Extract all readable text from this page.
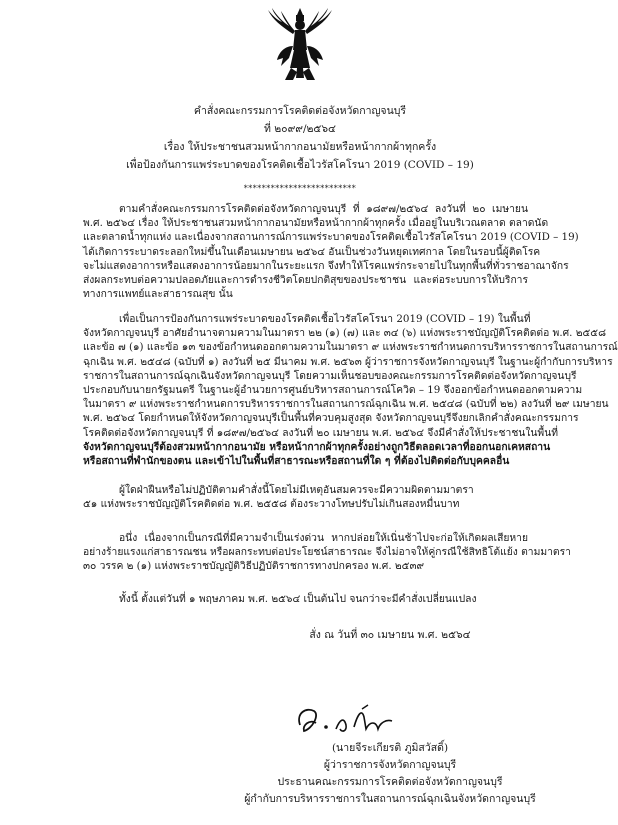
คำสั่งคณะกรรมการโรคติดต่อจังหวัดกาญจนบุรี
ที่ ๒๐๙๙/๒๕๖๔
เรื่อง ให้ประชาชนสวมหน้ากากอนามัยหรือหน้ากากผ้าทุกครั้ง
เพื่อป้องกันการแพร่ระบาดของโรคติดเชื้อไวรัสโคโรนา 2019 (COVID – 19)
*************************
ตามคำสั่งคณะกรรมการโรคติดต่อจังหวัดกาญจนบุรี ที่ ๑๘๙๗/๒๕๖๔ ลงวันที่ ๒๐ เมษายน
พ.ศ. ๒๕๖๔ เรื่อง ให้ประชาชนสวมหน้ากากอนามัยหรือหน้ากากผ้าทุกครั้ง เมื่ออยู่ในบริเวณตลาด ตลาดนัด
และตลาดน้ำทุกแห่ง และเนื่องจากสถานการณ์การแพร่ระบาดของโรคติดเชื้อไวรัสโคโรนา 2019 (COVID – 19)
ได้เกิดการระบาดระลอกใหม่ขึ้นในเดือนเมษายน ๒๕๖๔ อันเป็นช่วงวันหยุดเทศกาล โดยในรอบนี้ผู้ติดโรค
จะไม่แสดงอาการหรือแสดงอาการน้อยมากในระยะแรก จึงทำให้โรคแพร่กระจายไปในทุกพื้นที่ทั่วราชอาณาจักร
ส่งผลกระทบต่อความปลอดภัยและการดำรงชีวิตโดยปกติสุขของประชาชน และต่อระบบการให้บริการ
ทางการแพทย์และสาธารณสุข นั้น
เพื่อเป็นการป้องกันการแพร่ระบาดของโรคติดเชื้อไวรัสโคโรนา 2019 (COVID – 19) ในพื้นที่
จังหวัดกาญจนบุรี อาศัยอำนาจตามความในมาตรา ๒๒ (๑) (๗) และ ๓๔ (๖) แห่งพระราชบัญญัติโรคติดต่อ พ.ศ. ๒๕๕๘
และข้อ ๗ (๑) และข้อ ๑๓ ของข้อกำหนดออกตามความในมาตรา ๙ แห่งพระราชกำหนดการบริหารราชการในสถานการณ์
ฉุกเฉิน พ.ศ. ๒๕๔๘ (ฉบับที่ ๑) ลงวันที่ ๒๕ มีนาคม พ.ศ. ๒๕๖๓ ผู้ว่าราชการจังหวัดกาญจนบุรี ในฐานะผู้กำกับการบริหาร
ราชการในสถานการณ์ฉุกเฉินจังหวัดกาญจนบุรี โดยความเห็นชอบของคณะกรรมการโรคติดต่อจังหวัดกาญจนบุรี
ประกอบกับนายกรัฐมนตรี ในฐานะผู้อำนวยการศูนย์บริหารสถานการณ์โควิด – 19 จึงออกข้อกำหนดออกตามความ
ในมาตรา ๙ แห่งพระราชกำหนดการบริหารราชการในสถานการณ์ฉุกเฉิน พ.ศ. ๒๕๔๘ (ฉบับที่ ๒๒) ลงวันที่ ๒๙ เมษายน
พ.ศ. ๒๕๖๔ โดยกำหนดให้จังหวัดกาญจนบุรีเป็นพื้นที่ควบคุมสูงสุด จังหวัดกาญจนบุรีจึงยกเลิกคำสั่งคณะกรรมการ
โรคติดต่อจังหวัดกาญจนบุรี ที่ ๑๘๙๗/๒๕๖๔ ลงวันที่ ๒๐ เมษายน พ.ศ. ๒๕๖๔ จึงมีคำสั่งให้ประชาชนในพื้นที่
จังหวัดกาญจนบุรีต้องสวมหน้ากากอนามัย หรือหน้ากากผ้าทุกครั้งอย่างถูกวิธีตลอดเวลาที่ออกนอกเคหสถาน
หรือสถานที่พำนักของตน และเข้าไปในพื้นที่สาธารณะหรือสถานที่ใด ๆ ที่ต้องไปติดต่อกับบุคคลอื่น
ผู้ใดฝ่าฝืนหรือไม่ปฏิบัติตามคำสั่งนี้โดยไม่มีเหตุอันสมควรจะมีความผิดตามมาตรา
๕๑ แห่งพระราชบัญญัติโรคติดต่อ พ.ศ. ๒๕๕๘ ต้องระวางโทษปรับไม่เกินสองหมื่นบาท
อนึ่ง เนื่องจากเป็นกรณีที่มีความจำเป็นเร่งด่วน หากปล่อยให้เนิ่นช้าไปจะก่อให้เกิดผลเสียหาย
อย่างร้ายแรงแก่สาธารณชน หรือผลกระทบต่อประโยชน์สาธารณะ จึงไม่อาจให้คู่กรณีใช้สิทธิโต้แย้ง ตามมาตรา
๓๐ วรรค ๒ (๑) แห่งพระราชบัญญัติวิธีปฏิบัติราชการทางปกครอง พ.ศ. ๒๕๓๙
ทั้งนี้ ตั้งแต่วันที่ ๑ พฤษภาคม พ.ศ. ๒๕๖๔ เป็นต้นไป จนกว่าจะมีคำสั่งเปลี่ยนแปลง
สั่ง ณ วันที่ ๓๐ เมษายน พ.ศ. ๒๕๖๔
(นายจีระเกียรติ ภูมิสวัสดิ์)
ผู้ว่าราชการจังหวัดกาญจนบุรี
ประธานคณะกรรมการโรคติดต่อจังหวัดกาญจนบุรี
ผู้กำกับการบริหารราชการในสถานการณ์ฉุกเฉินจังหวัดกาญจนบุรี
